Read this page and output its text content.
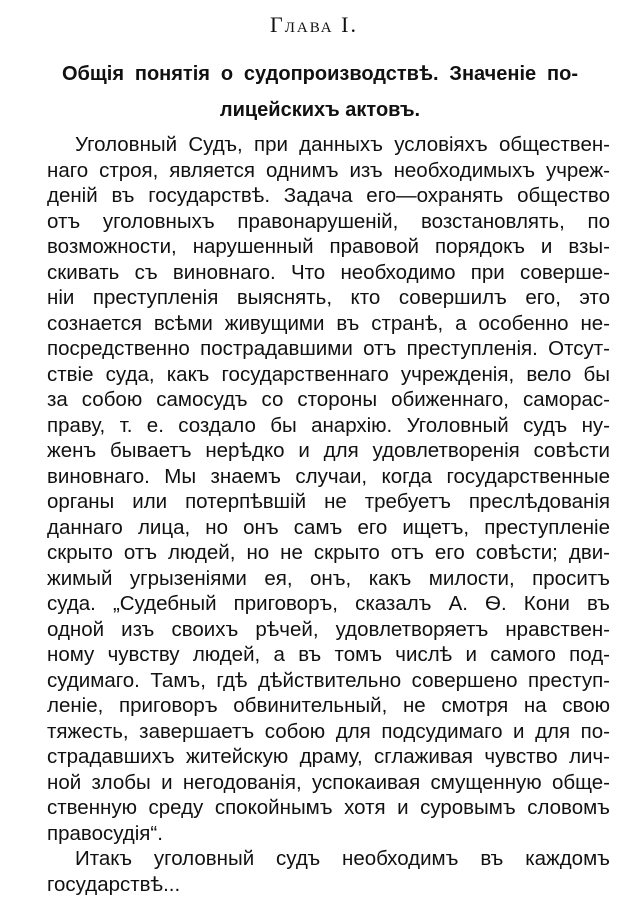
Глава I.
Общія понятія о судопроизводствѣ. Значеніе по-
лицейскихъ актовъ.
Уголовный Судъ, при данныхъ условіяхъ обществен-
наго строя, является однимъ изъ необходимыхъ учреж-
деній въ государствѣ. Задача его—охранять общество
отъ уголовныхъ правонарушеній, возстановлять, по
возможности, нарушенный правовой порядокъ и взы-
скивать съ виновнаго. Что необходимо при соверше-
ніи преступленія выяснять, кто совершилъ его, это
сознается всѣми живущими въ странѣ, а особенно не-
посредственно пострадавшими отъ преступленія. Отсут-
ствіе суда, какъ государственнаго учрежденія, вело бы
за собою самосудъ со стороны обиженнаго, саморас-
праву, т. е. создало бы анархію. Уголовный судъ ну-
женъ бываетъ нерѣдко и для удовлетворенія совѣсти
виновнаго. Мы знаемъ случаи, когда государственные
органы или потерпѣвшій не требуетъ преслѣдованія
даннаго лица, но онъ самъ его ищетъ, преступленіе
скрыто отъ людей, но не скрыто отъ его совѣсти; дви-
жимый угрызеніями ея, онъ, какъ милости, проситъ
суда. „Судебный приговоръ, сказалъ А. Ѳ. Кони въ
одной изъ своихъ рѣчей, удовлетворяетъ нравствен-
ному чувству людей, а въ томъ числѣ и самого под-
судимаго. Тамъ, гдѣ дѣйствительно совершено преступ-
леніе, приговоръ обвинительный, не смотря на свою
тяжесть, завершаетъ собою для подсудимаго и для по-
страдавшихъ житейскую драму, сглаживая чувство лич-
ной злобы и негодованія, успокаивая смущенную обще-
ственную среду спокойнымъ хотя и суровымъ словомъ
правосудія“.
Итакъ уголовный судъ необходимъ въ каждомъ
государствѣ...
